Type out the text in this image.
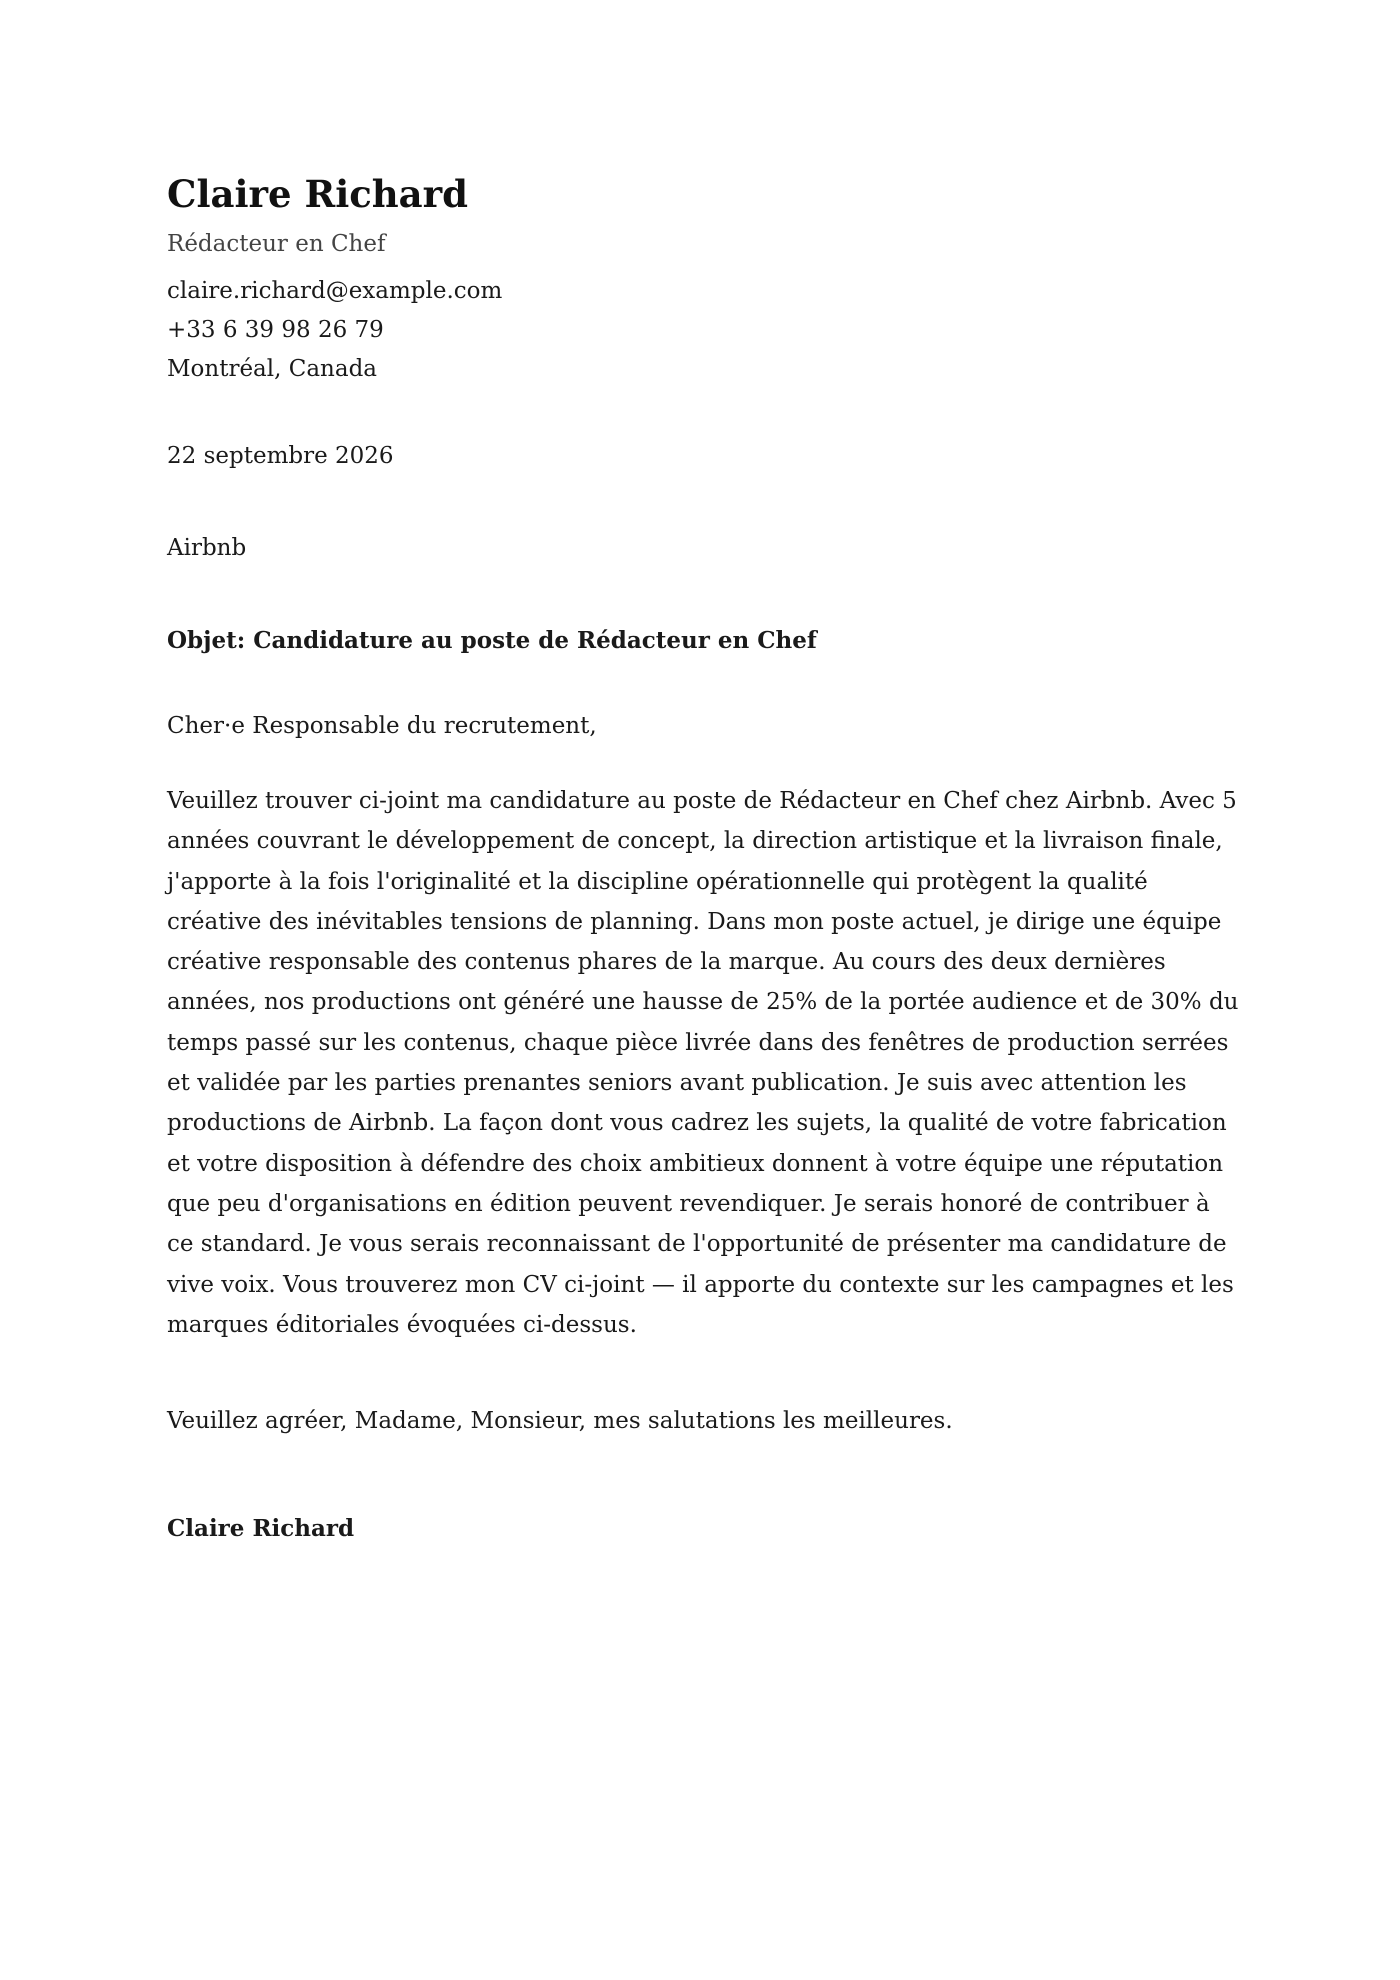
Claire Richard
Rédacteur en Chef
claire.richard@example.com
+33 6 39 98 26 79
Montréal, Canada
22 septembre 2026
Airbnb
Objet: Candidature au poste de Rédacteur en Chef
Cher·e Responsable du recrutement,

Veuillez trouver ci-joint ma candidature au poste de Rédacteur en Chef chez Airbnb. Avec 5 années couvrant le développement de concept, la direction artistique et la livraison finale, j'apporte à la fois l'originalité et la discipline opérationnelle qui protègent la qualité créative des inévitables tensions de planning. Dans mon poste actuel, je dirige une équipe créative responsable des contenus phares de la marque. Au cours des deux dernières années, nos productions ont généré une hausse de 25% de la portée audience et de 30% du temps passé sur les contenus, chaque pièce livrée dans des fenêtres de production serrées et validée par les parties prenantes seniors avant publication. Je suis avec attention les productions de Airbnb. La façon dont vous cadrez les sujets, la qualité de votre fabrication et votre disposition à défendre des choix ambitieux donnent à votre équipe une réputation que peu d'organisations en édition peuvent revendiquer. Je serais honoré de contribuer à ce standard. Je vous serais reconnaissant de l'opportunité de présenter ma candidature de vive voix. Vous trouverez mon CV ci-joint — il apporte du contexte sur les campagnes et les marques éditoriales évoquées ci-dessus.

Veuillez agréer, Madame, Monsieur, mes salutations les meilleures.
Claire Richard
